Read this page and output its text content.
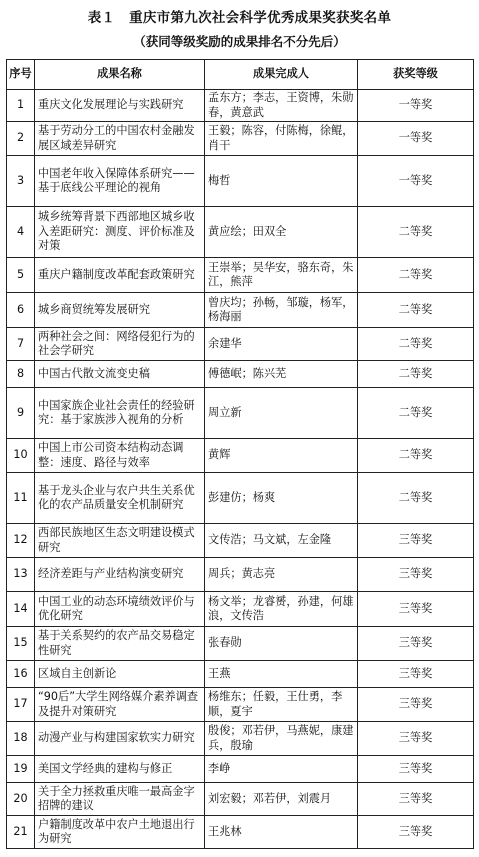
表１　重庆市第九次社会科学优秀成果奖获奖名单
（获同等级奖励的成果排名不分先后）
序号	成果名称	成果完成人	获奖等级
1	重庆文化发展理论与实践研究	孟东方；李志，王资博，朱勋春，黄意武	一等奖
2	基于劳动分工的中国农村金融发展区域差异研究	王毅；陈容，付陈梅，徐鲲，肖干	一等奖
3	中国老年收入保障体系研究——基于底线公平理论的视角	梅哲	一等奖
4	城乡统筹背景下西部地区城乡收入差距研究：测度、评价标准及对策	黄应绘；田双全	二等奖
5	重庆户籍制度改革配套政策研究	王崇举；吴华安，骆东奇，朱江，熊萍	二等奖
6	城乡商贸统筹发展研究	曾庆均；孙畅，邹璇，杨军，杨海丽	二等奖
7	两种社会之间：网络侵犯行为的社会学研究	余建华	二等奖
8	中国古代散文流变史稿	傅德岷；陈兴芜	二等奖
9	中国家族企业社会责任的经验研究：基于家族涉入视角的分析	周立新	二等奖
10	中国上市公司资本结构动态调整：速度、路径与效率	黄辉	二等奖
11	基于龙头企业与农户共生关系优化的农产品质量安全机制研究	彭建仿；杨爽	二等奖
12	西部民族地区生态文明建设模式研究	文传浩；马文斌，左金隆	三等奖
13	经济差距与产业结构演变研究	周兵；黄志亮	三等奖
14	中国工业的动态环境绩效评价与优化研究	杨文举；龙睿赟，孙建，何雄浪，文传浩	三等奖
15	基于关系契约的农产品交易稳定性研究	张春勋	三等奖
16	区域自主创新论	王燕	三等奖
17	“90后”大学生网络媒介素养调查及提升对策研究	杨维东；任毅，王仕勇，李顺，夏宇	三等奖
18	动漫产业与构建国家软实力研究	殷俊；邓若伊，马燕妮，康建兵，殷瑜	三等奖
19	美国文学经典的建构与修正	李峥	三等奖
20	关于全力拯救重庆唯一最高金字招牌的建议	刘宏毅；邓若伊，刘震月	三等奖
21	户籍制度改革中农户土地退出行为研究	王兆林	三等奖
